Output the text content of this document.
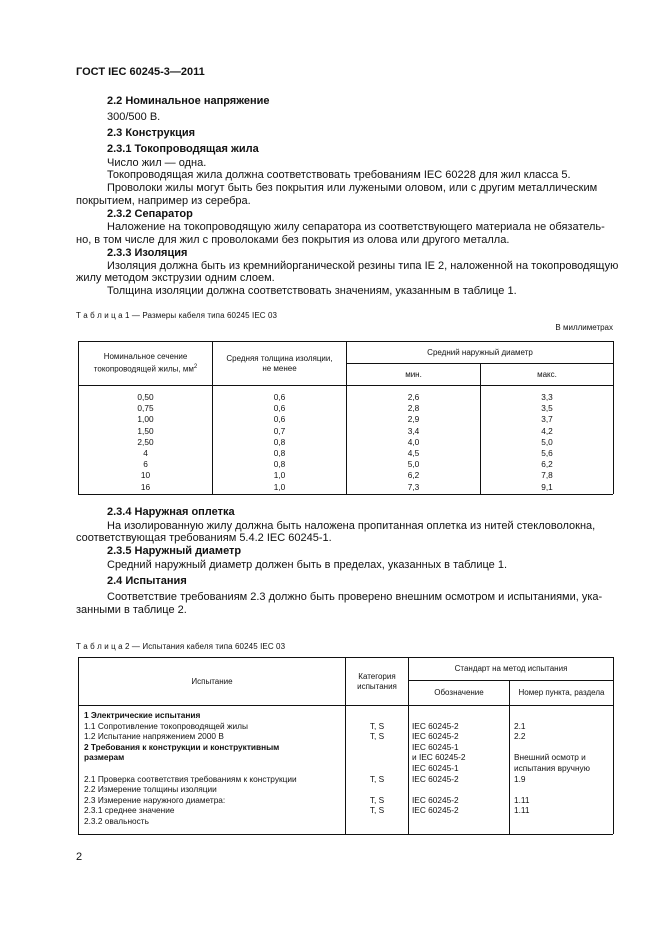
ГОСТ IEC 60245-3—2011
2.2 Номинальное напряжение
300/500 В.
2.3 Конструкция
2.3.1 Токопроводящая жила
Число жил — одна.
Токопроводящая жила должна соответствовать требованиям IEC 60228 для жил класса 5.
Проволоки жилы могут быть без покрытия или лужеными оловом, или с другим металлическим
покрытием, например из серебра.
2.3.2 Сепаратор
Наложение на токопроводящую жилу сепаратора из соответствующего материала не обязатель-
но, в том числе для жил с проволоками без покрытия из олова или другого металла.
2.3.3 Изоляция
Изоляция должна быть из кремнийорганической резины типа IE 2, наложенной на токопроводящую
жилу методом экструзии одним слоем.
Толщина изоляции должна соответствовать значениям, указанным в таблице 1.
Т а б л и ц а 1 — Размеры кабеля типа 60245 IEC 03
В миллиметрах
Номинальное сечение
токопроводящей жилы, $мм^2$
Средняя толщина изоляции,
не менее
Средний наружный диаметр
мин.	макс.
0,50
0,75
1,00
1,50
2,50
4
6
10
16
0,6
0,6
0,6
0,7
0,8
0,8
0,8
1,0
1,0
2,6
2,8
2,9
3,4
4,0
4,5
5,0
6,2
7,3
3,3
3,5
3,7
4,2
5,0
5,6
6,2
7,8
9,1
2.3.4 Наружная оплетка
На изолированную жилу должна быть наложена пропитанная оплетка из нитей стекловолокна,
соответствующая требованиям 5.4.2 IEC 60245-1.
2.3.5 Наружный диаметр
Средний наружный диаметр должен быть в пределах, указанных в таблице 1.
2.4 Испытания
Соответствие требованиям 2.3 должно быть проверено внешним осмотром и испытаниями, ука-
занными в таблице 2.
Т а б л и ц а 2 — Испытания кабеля типа 60245 IEC 03
Испытание
Категория
испытания
Стандарт на метод испытания
Обозначение	Номер пункта, раздела
1 Электрические испытания
1.1 Сопротивление токопроводящей жилы
1.2 Испытание напряжением 2000 В
2 Требования к конструкции и конструктивным
размерам
2.1 Проверка соответствия требованиям к конструкции
2.2 Измерение толщины изоляции
2.3 Измерение наружного диаметра:
2.3.1 среднее значение
2.3.2 овальность
T, S
T, S
T, S
T, S
T, S
IEC 60245-2
IEC 60245-2
IEC 60245-1
и IEC 60245-2
IEC 60245-1
IEC 60245-2
IEC 60245-2
IEC 60245-2
2.1
2.2
Внешний осмотр и
испытания вручную
1.9
1.11
1.11
2
